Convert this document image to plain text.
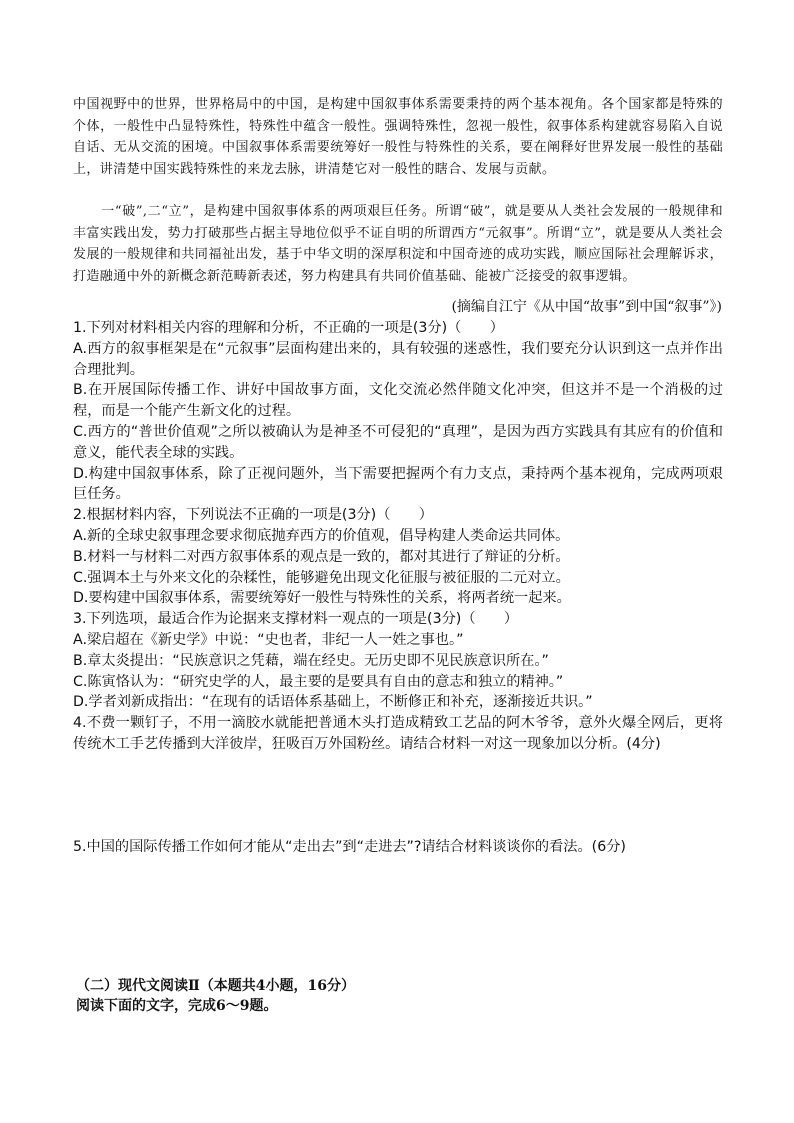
中国视野中的世界，世界格局中的中国，是构建中国叙事体系需要秉持的两个基本视角。各个国家都是特殊的个体，一般性中凸显特殊性，特殊性中蕴含一般性。强调特殊性，忽视一般性，叙事体系构建就容易陷入自说自话、无从交流的困境。中国叙事体系需要统筹好一般性与特殊性的关系，要在阐释好世界发展一般性的基础上，讲清楚中国实践特殊性的来龙去脉，讲清楚它对一般性的瞎合、发展与贡献。
一“破”,二“立”，是构建中国叙事体系的两项艰巨任务。所谓“破”，就是要从人类社会发展的一般规律和丰富实践出发，势力打破那些占据主导地位似乎不证自明的所谓西方“元叙事”。所谓“立”，就是要从人类社会发展的一般规律和共同福祉出发，基于中华文明的深厚积淀和中国奇迹的成功实践，顺应国际社会理解诉求，打造融通中外的新概念新范畴新表述，努力构建具有共同价值基础、能被广泛接受的叙事逻辑。
(摘编自江宁《从中国“故事”到中国“叙事”》)
1.下列对材料相关内容的理解和分析，不正确的一项是(3分)（　　）
A.西方的叙事框架是在“元叙事”层面构建出来的，具有较强的迷惑性，我们要充分认识到这一点并作出合理批判。
B.在开展国际传播工作、讲好中国故事方面，文化交流必然伴随文化冲突，但这并不是一个消极的过程，而是一个能产生新文化的过程。
C.西方的“普世价值观”之所以被确认为是神圣不可侵犯的“真理”，是因为西方实践具有其应有的价值和意义，能代表全球的实践。
D.构建中国叙事体系，除了正视问题外，当下需要把握两个有力支点，秉持两个基本视角，完成两项艰巨任务。
2.根据材料内容，下列说法不正确的一项是(3分)（　　）
A.新的全球史叙事理念要求彻底抛弃西方的价值观，倡导构建人类命运共同体。
B.材料一与材料二对西方叙事体系的观点是一致的，都对其进行了辩证的分析。
C.强调本土与外来文化的杂糅性，能够避免出现文化征服与被征服的二元对立。
D.要构建中国叙事体系，需要统筹好一般性与特殊性的关系，将两者统一起来。
3.下列选项，最适合作为论据来支撑材料一观点的一项是(3分)（　　）
A.梁启超在《新史学》中说：“史也者，非纪一人一姓之事也。”
B.章太炎提出：“民族意识之凭藉，端在经史。无历史即不见民族意识所在。”
C.陈寅恪认为：“研究史学的人，最主要的是要具有自由的意志和独立的精神。”
D.学者刘新成指出：“在现有的话语体系基础上，不断修正和补充，逐渐接近共识。”
4.不费一颗钉子，不用一滴胶水就能把普通木头打造成精致工艺品的阿木爷爷，意外火爆全网后，更将传统木工手艺传播到大洋彼岸，狂吸百万外国粉丝。请结合材料一对这一现象加以分析。(4分)
5.中国的国际传播工作如何才能从“走出去”到“走进去”?请结合材料谈谈你的看法。(6分)
（二）现代文阅读Ⅱ（本题共4小题，16分）
阅读下面的文字，完成6～9题。
